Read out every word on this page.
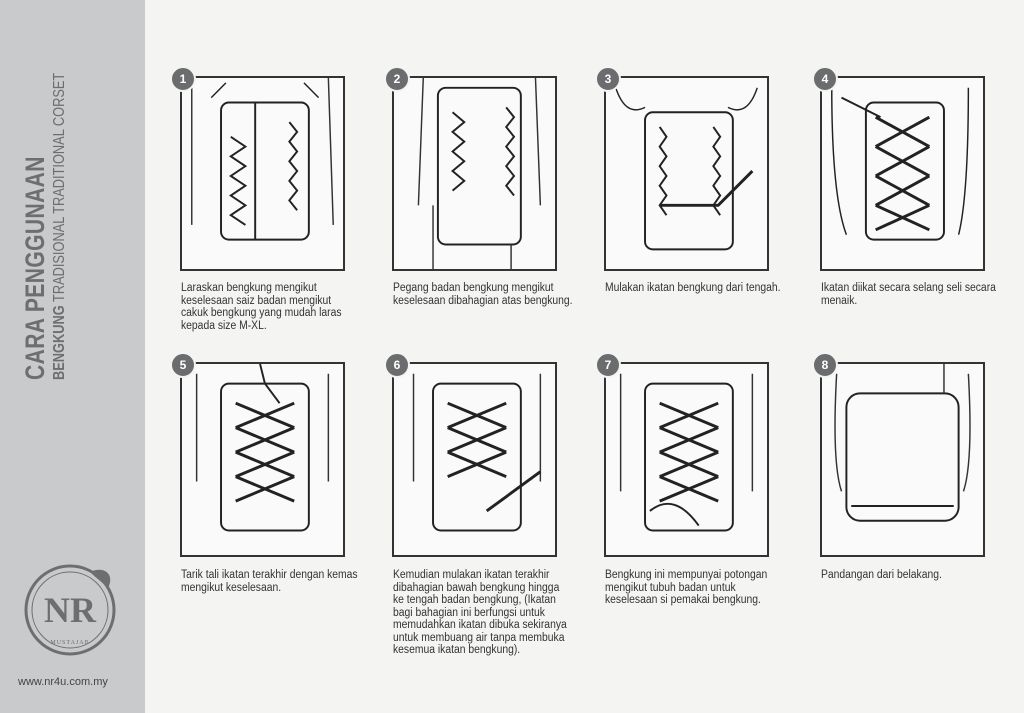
CARA PENGGUNAAN BENGKUNG TRADISIONAL TRADITIONAL CORSET
NR
MUSTAJAB
www.nr4u.com.my
1	2	3	4
Laraskan bengkung mengikut keselesaan saiz badan mengikut cakuk bengkung yang mudah laras kepada size M-XL.
Pegang badan bengkung mengikut keselesaan dibahagian atas bengkung.
Mulakan ikatan bengkung dari tengah.	Ikatan diikat secara selang seli secara menaik.
5	6	7	8
Tarik tali ikatan terakhir dengan kemas mengikut keselesaan.
Kemudian mulakan ikatan terakhir dibahagian bawah bengkung hingga ke tengah badan bengkung, (Ikatan bagi bahagian ini berfungsi untuk memudahkan ikatan dibuka sekiranya untuk membuang air tanpa membuka kesemua ikatan bengkung).
Bengkung ini mempunyai potongan mengikut tubuh badan untuk keselesaan si pemakai bengkung.
Pandangan dari belakang.
